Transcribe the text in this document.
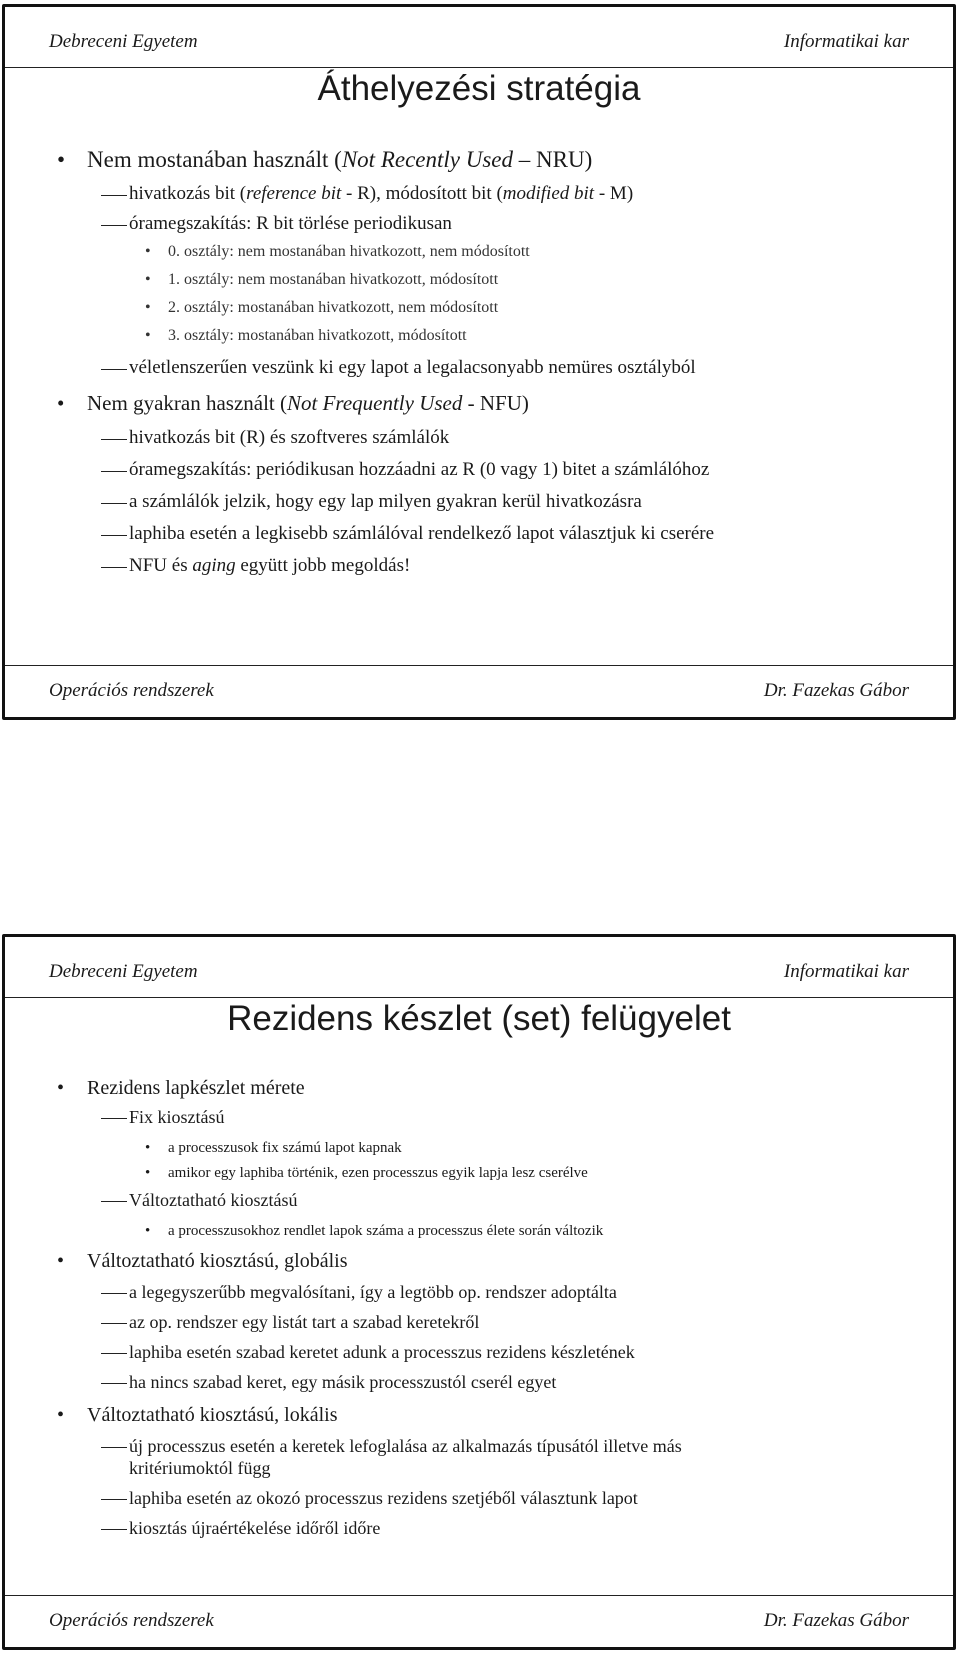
Debreceni Egyetem	Informatikai kar
Áthelyezési stratégia
• Nem mostanában használt (Not Recently Used – NRU)
hivatkozás bit (reference bit - R), módosított bit (modified bit - M)
óramegszakítás: R bit törlése periodikusan
• 0. osztály: nem mostanában hivatkozott, nem módosított
• 1. osztály: nem mostanában hivatkozott, módosított
• 2. osztály: mostanában hivatkozott, nem módosított
• 3. osztály: mostanában hivatkozott, módosított
véletlenszerűen veszünk ki egy lapot a legalacsonyabb nemüres osztályból
• Nem gyakran használt (Not Frequently Used - NFU)
hivatkozás bit (R) és szoftveres számlálók
óramegszakítás: periódikusan hozzáadni az R (0 vagy 1) bitet a számlálóhoz
a számlálók jelzik, hogy egy lap milyen gyakran kerül hivatkozásra
laphiba esetén a legkisebb számlálóval rendelkező lapot választjuk ki cserére
NFU és aging együtt jobb megoldás!
Operációs rendszerek	Dr. Fazekas Gábor
Debreceni Egyetem	Informatikai kar
Rezidens készlet (set) felügyelet
• Rezidens lapkészlet mérete
Fix kiosztású
• a processzusok fix számú lapot kapnak
• amikor egy laphiba történik, ezen processzus egyik lapja lesz cserélve
Változtatható kiosztású
• a processzusokhoz rendlet lapok száma a processzus élete során változik
• Változtatható kiosztású, globális
a legegyszerűbb megvalósítani, így a legtöbb op. rendszer adoptálta
az op. rendszer egy listát tart a szabad keretekről
laphiba esetén szabad keretet adunk a processzus rezidens készletének
ha nincs szabad keret, egy másik processzustól cserél egyet
• Változtatható kiosztású, lokális
új processzus esetén a keretek lefoglalása az alkalmazás típusától illetve más
kritériumoktól függ
laphiba esetén az okozó processzus rezidens szetjéből választunk lapot
kiosztás újraértékelése időről időre
Operációs rendszerek	Dr. Fazekas Gábor
